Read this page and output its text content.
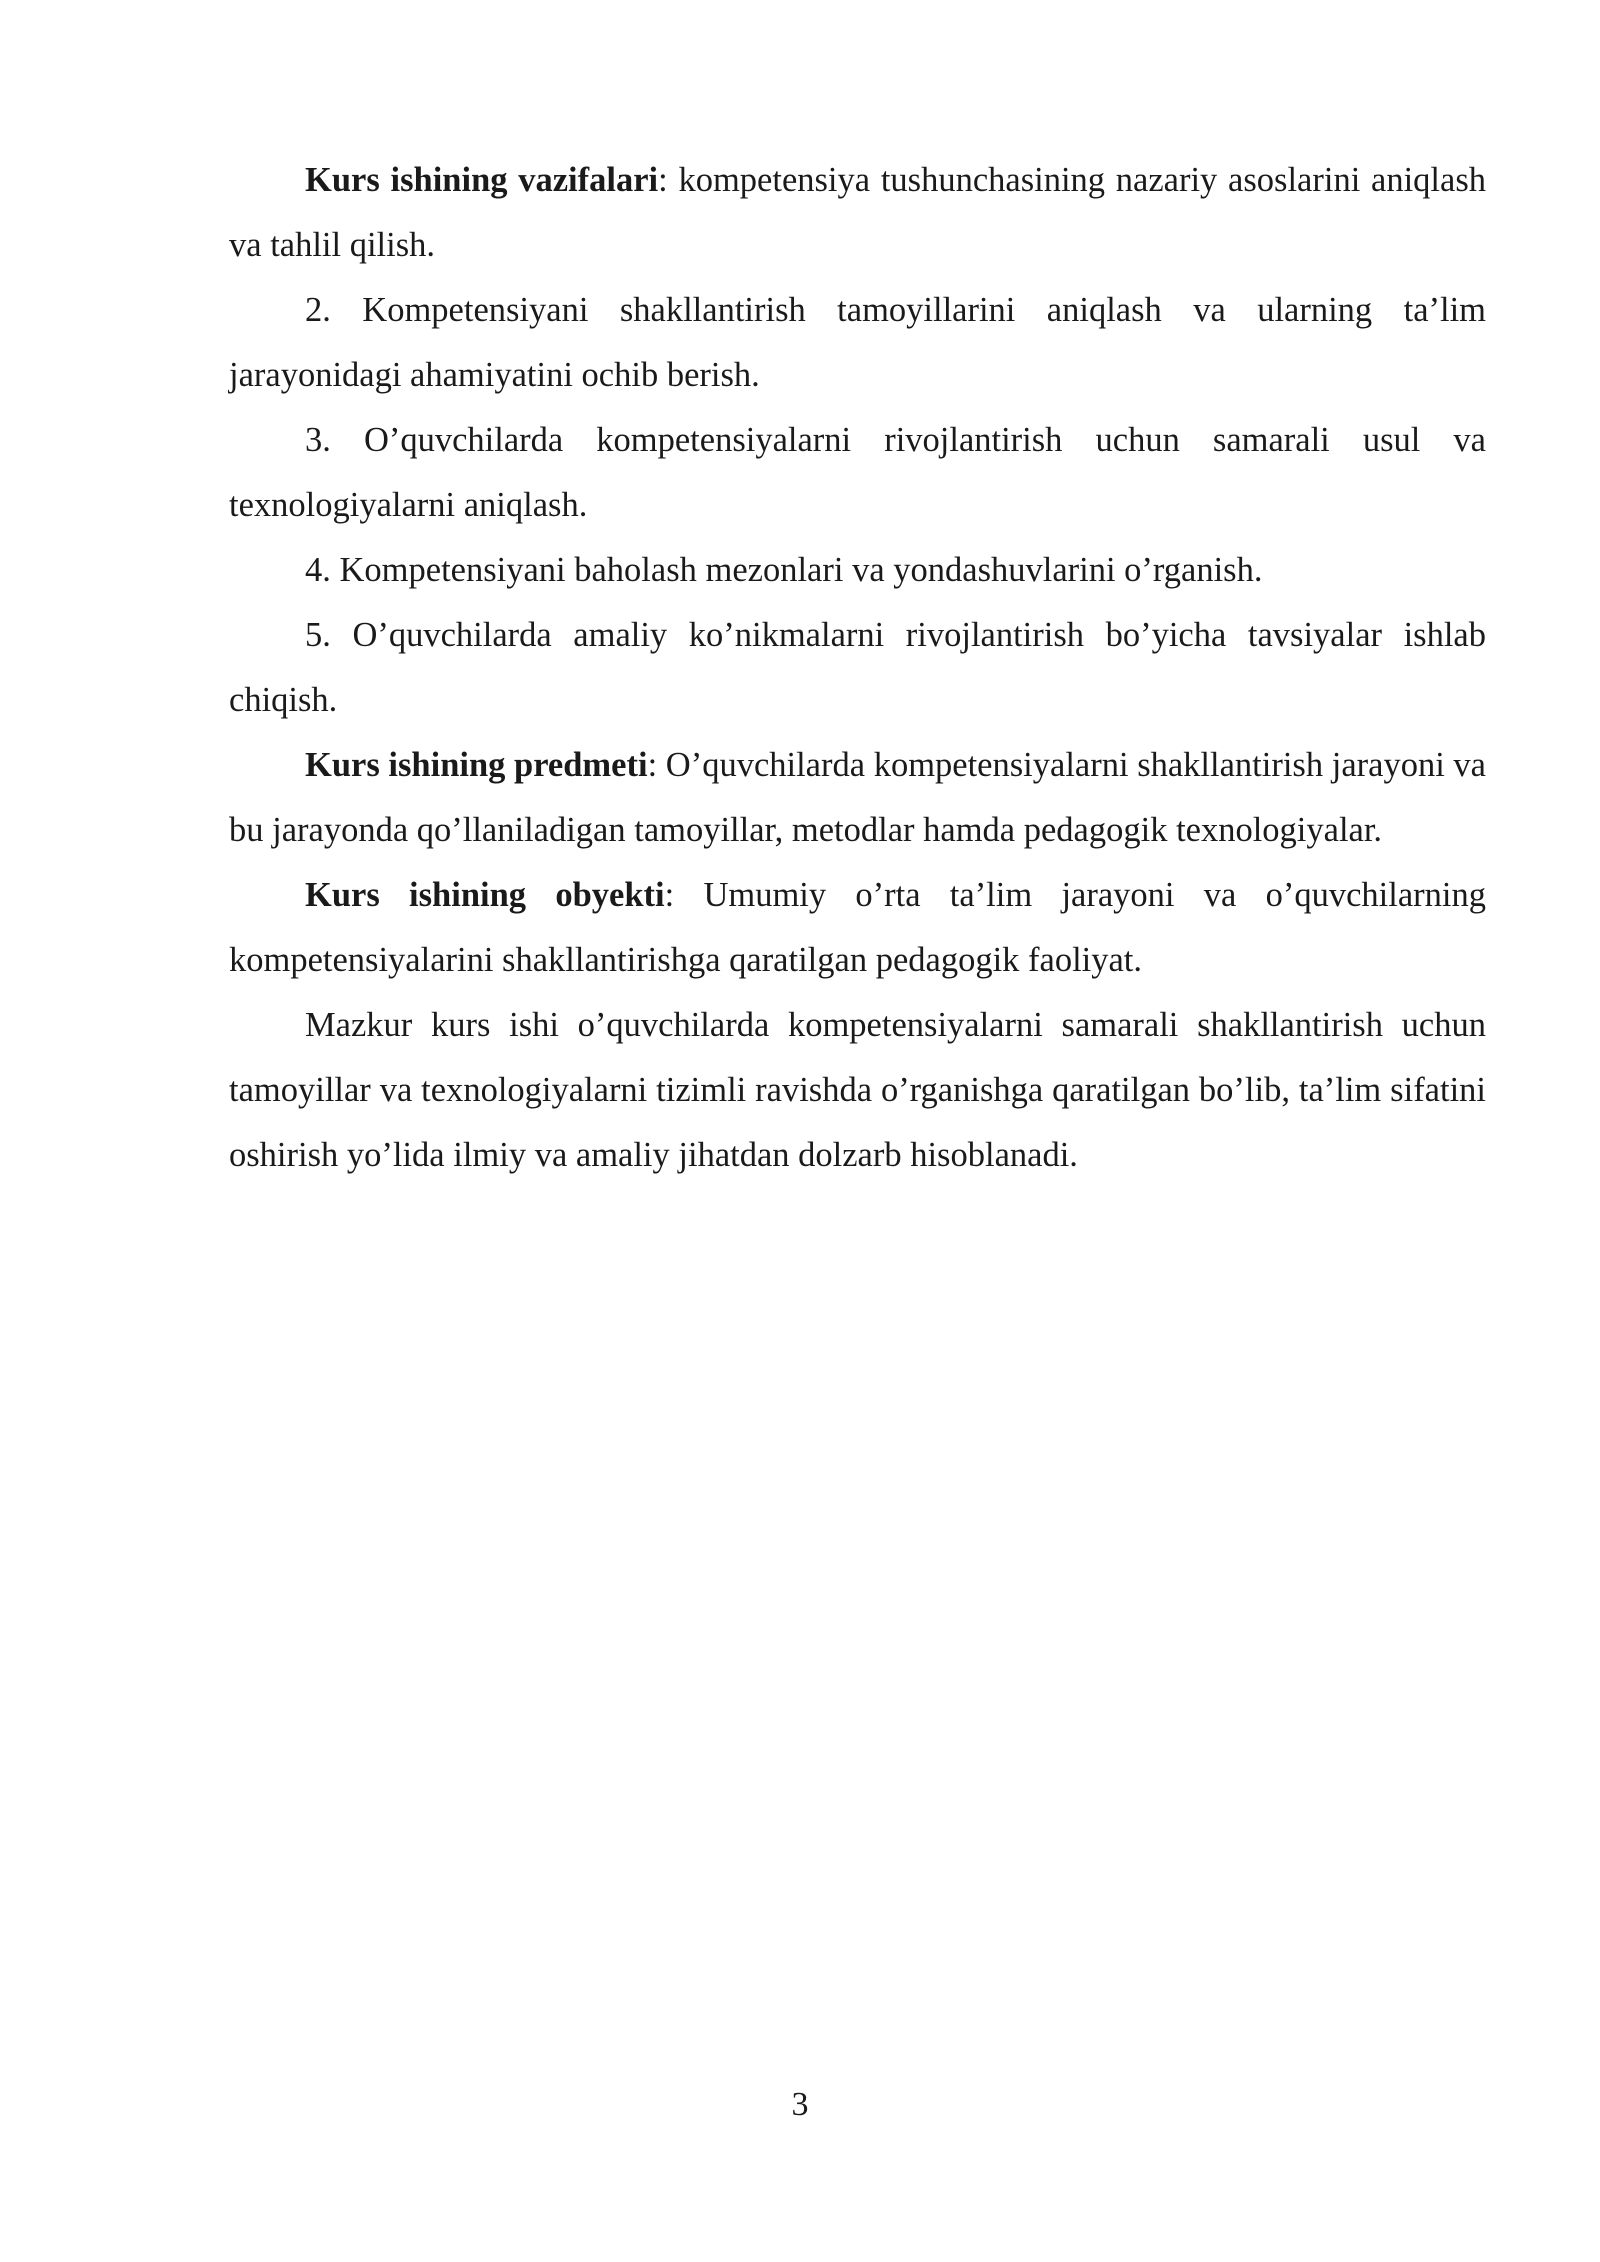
Kurs ishining vazifalari: kompetensiya tushunchasining nazariy asoslarini aniqlash va tahlil qilish.

2. Kompetensiyani shakllantirish tamoyillarini aniqlash va ularning ta’lim jarayonidagi ahamiyatini ochib berish.

3. O’quvchilarda kompetensiyalarni rivojlantirish uchun samarali usul va texnologiyalarni aniqlash.

4. Kompetensiyani baholash mezonlari va yondashuvlarini o’rganish.

5. O’quvchilarda amaliy ko’nikmalarni rivojlantirish bo’yicha tavsiyalar ishlab chiqish.

Kurs ishining predmeti: O’quvchilarda kompetensiyalarni shakllantirish jarayoni va bu jarayonda qo’llaniladigan tamoyillar, metodlar hamda pedagogik texnologiyalar.

Kurs ishining obyekti: Umumiy o’rta ta’lim jarayoni va o’quvchilarning kompetensiyalarini shakllantirishga qaratilgan pedagogik faoliyat.

Mazkur kurs ishi o’quvchilarda kompetensiyalarni samarali shakllantirish uchun tamoyillar va texnologiyalarni tizimli ravishda o’rganishga qaratilgan bo’lib, ta’lim sifatini oshirish yo’lida ilmiy va amaliy jihatdan dolzarb hisoblanadi.

3
